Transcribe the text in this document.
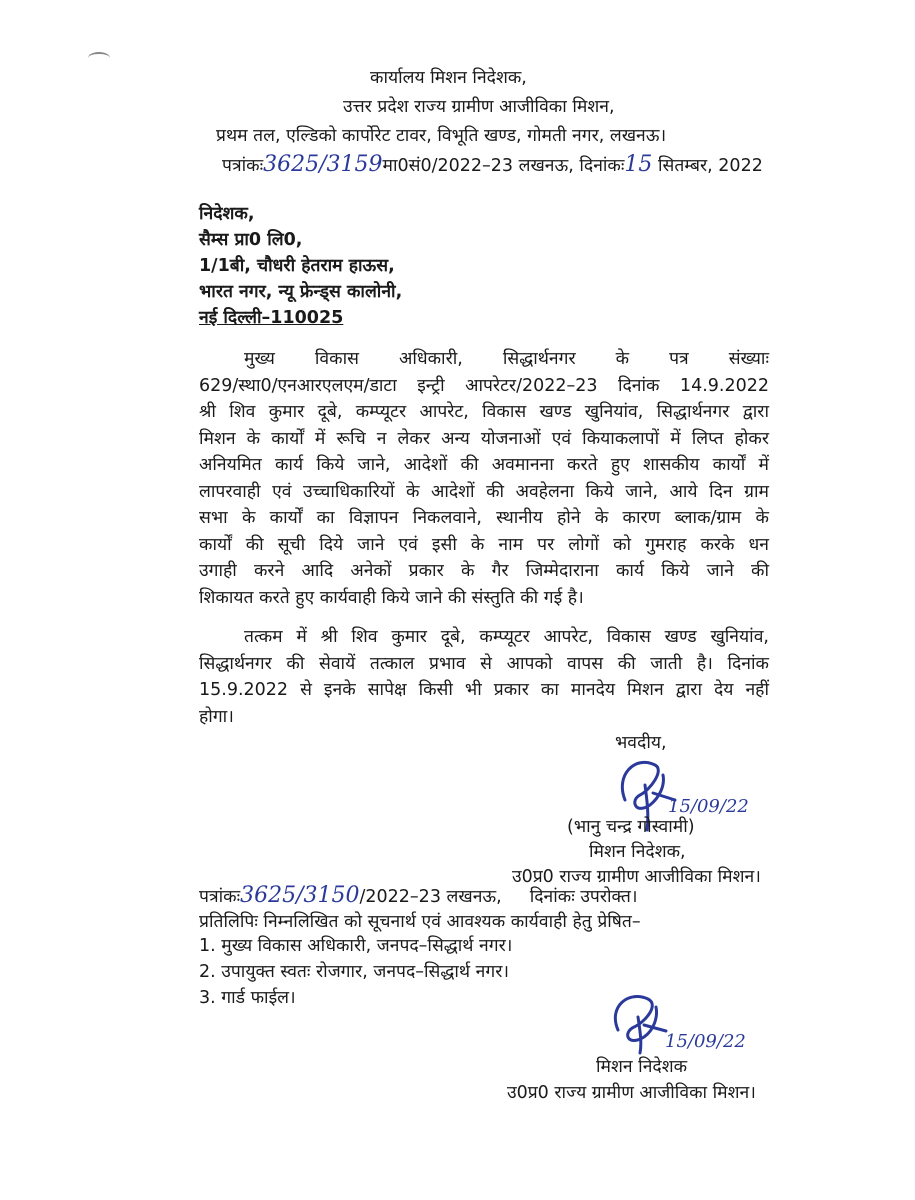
कार्यालय मिशन निदेशक,
उत्तर प्रदेश राज्य ग्रामीण आजीविका मिशन,
प्रथम तल, एल्डिको कार्पोरेट टावर, विभूति खण्ड, गोमती नगर, लखनऊ।
पत्रांकः3625/3159मा0सं0/2022–23 लखनऊ, दिनांकः15 सितम्बर, 2022
निदेशक,
सैम्स प्रा0 लि0,
1/1बी, चौधरी हेतराम हाऊस,
भारत नगर, न्यू फ्रेन्ड्स कालोनी,
नई दिल्ली–110025
मुख्य विकास अधिकारी, सिद्धार्थनगर के पत्र संख्याः
629/स्था0/एनआरएलएम/डाटा इन्ट्री आपरेटर/2022–23 दिनांक 14.9.2022
श्री शिव कुमार दूबे, कम्प्यूटर आपरेट, विकास खण्ड खुनियांव, सिद्धार्थनगर द्वारा
मिशन के कार्यों में रूचि न लेकर अन्य योजनाओं एवं कियाकलापों में लिप्त होकर
अनियमित कार्य किये जाने, आदेशों की अवमानना करते हुए शासकीय कार्यों में
लापरवाही एवं उच्चाधिकारियों के आदेशों की अवहेलना किये जाने, आये दिन ग्राम
सभा के कार्यों का विज्ञापन निकलवाने, स्थानीय होने के कारण ब्लाक/ग्राम के
कार्यों की सूची दिये जाने एवं इसी के नाम पर लोगों को गुमराह करके धन
उगाही करने आदि अनेकों प्रकार के गैर जिम्मेदाराना कार्य किये जाने की
शिकायत करते हुए कार्यवाही किये जाने की संस्तुति की गई है।
तत्कम में श्री शिव कुमार दूबे, कम्प्यूटर आपरेट, विकास खण्ड खुनियांव,
सिद्धार्थनगर की सेवायें तत्काल प्रभाव से आपको वापस की जाती है। दिनांक
15.9.2022 से इनके सापेक्ष किसी भी प्रकार का मानदेय मिशन द्वारा देय नहीं
होगा।
भवदीय,
15/09/22
(भानु चन्द्र गोस्वामी)
मिशन निदेशक,
उ0प्र0 राज्य ग्रामीण आजीविका मिशन।
पत्रांकः3625/3150/2022–23 लखनऊ, दिनांकः उपरोक्त।
प्रतिलिपिः निम्नलिखित को सूचनार्थ एवं आवश्यक कार्यवाही हेतु प्रेषित–
1. मुख्य विकास अधिकारी, जनपद–सिद्धार्थ नगर।
2. उपायुक्त स्वतः रोजगार, जनपद–सिद्धार्थ नगर।
3. गार्ड फाईल।
15/09/22
मिशन निदेशक
उ0प्र0 राज्य ग्रामीण आजीविका मिशन।
